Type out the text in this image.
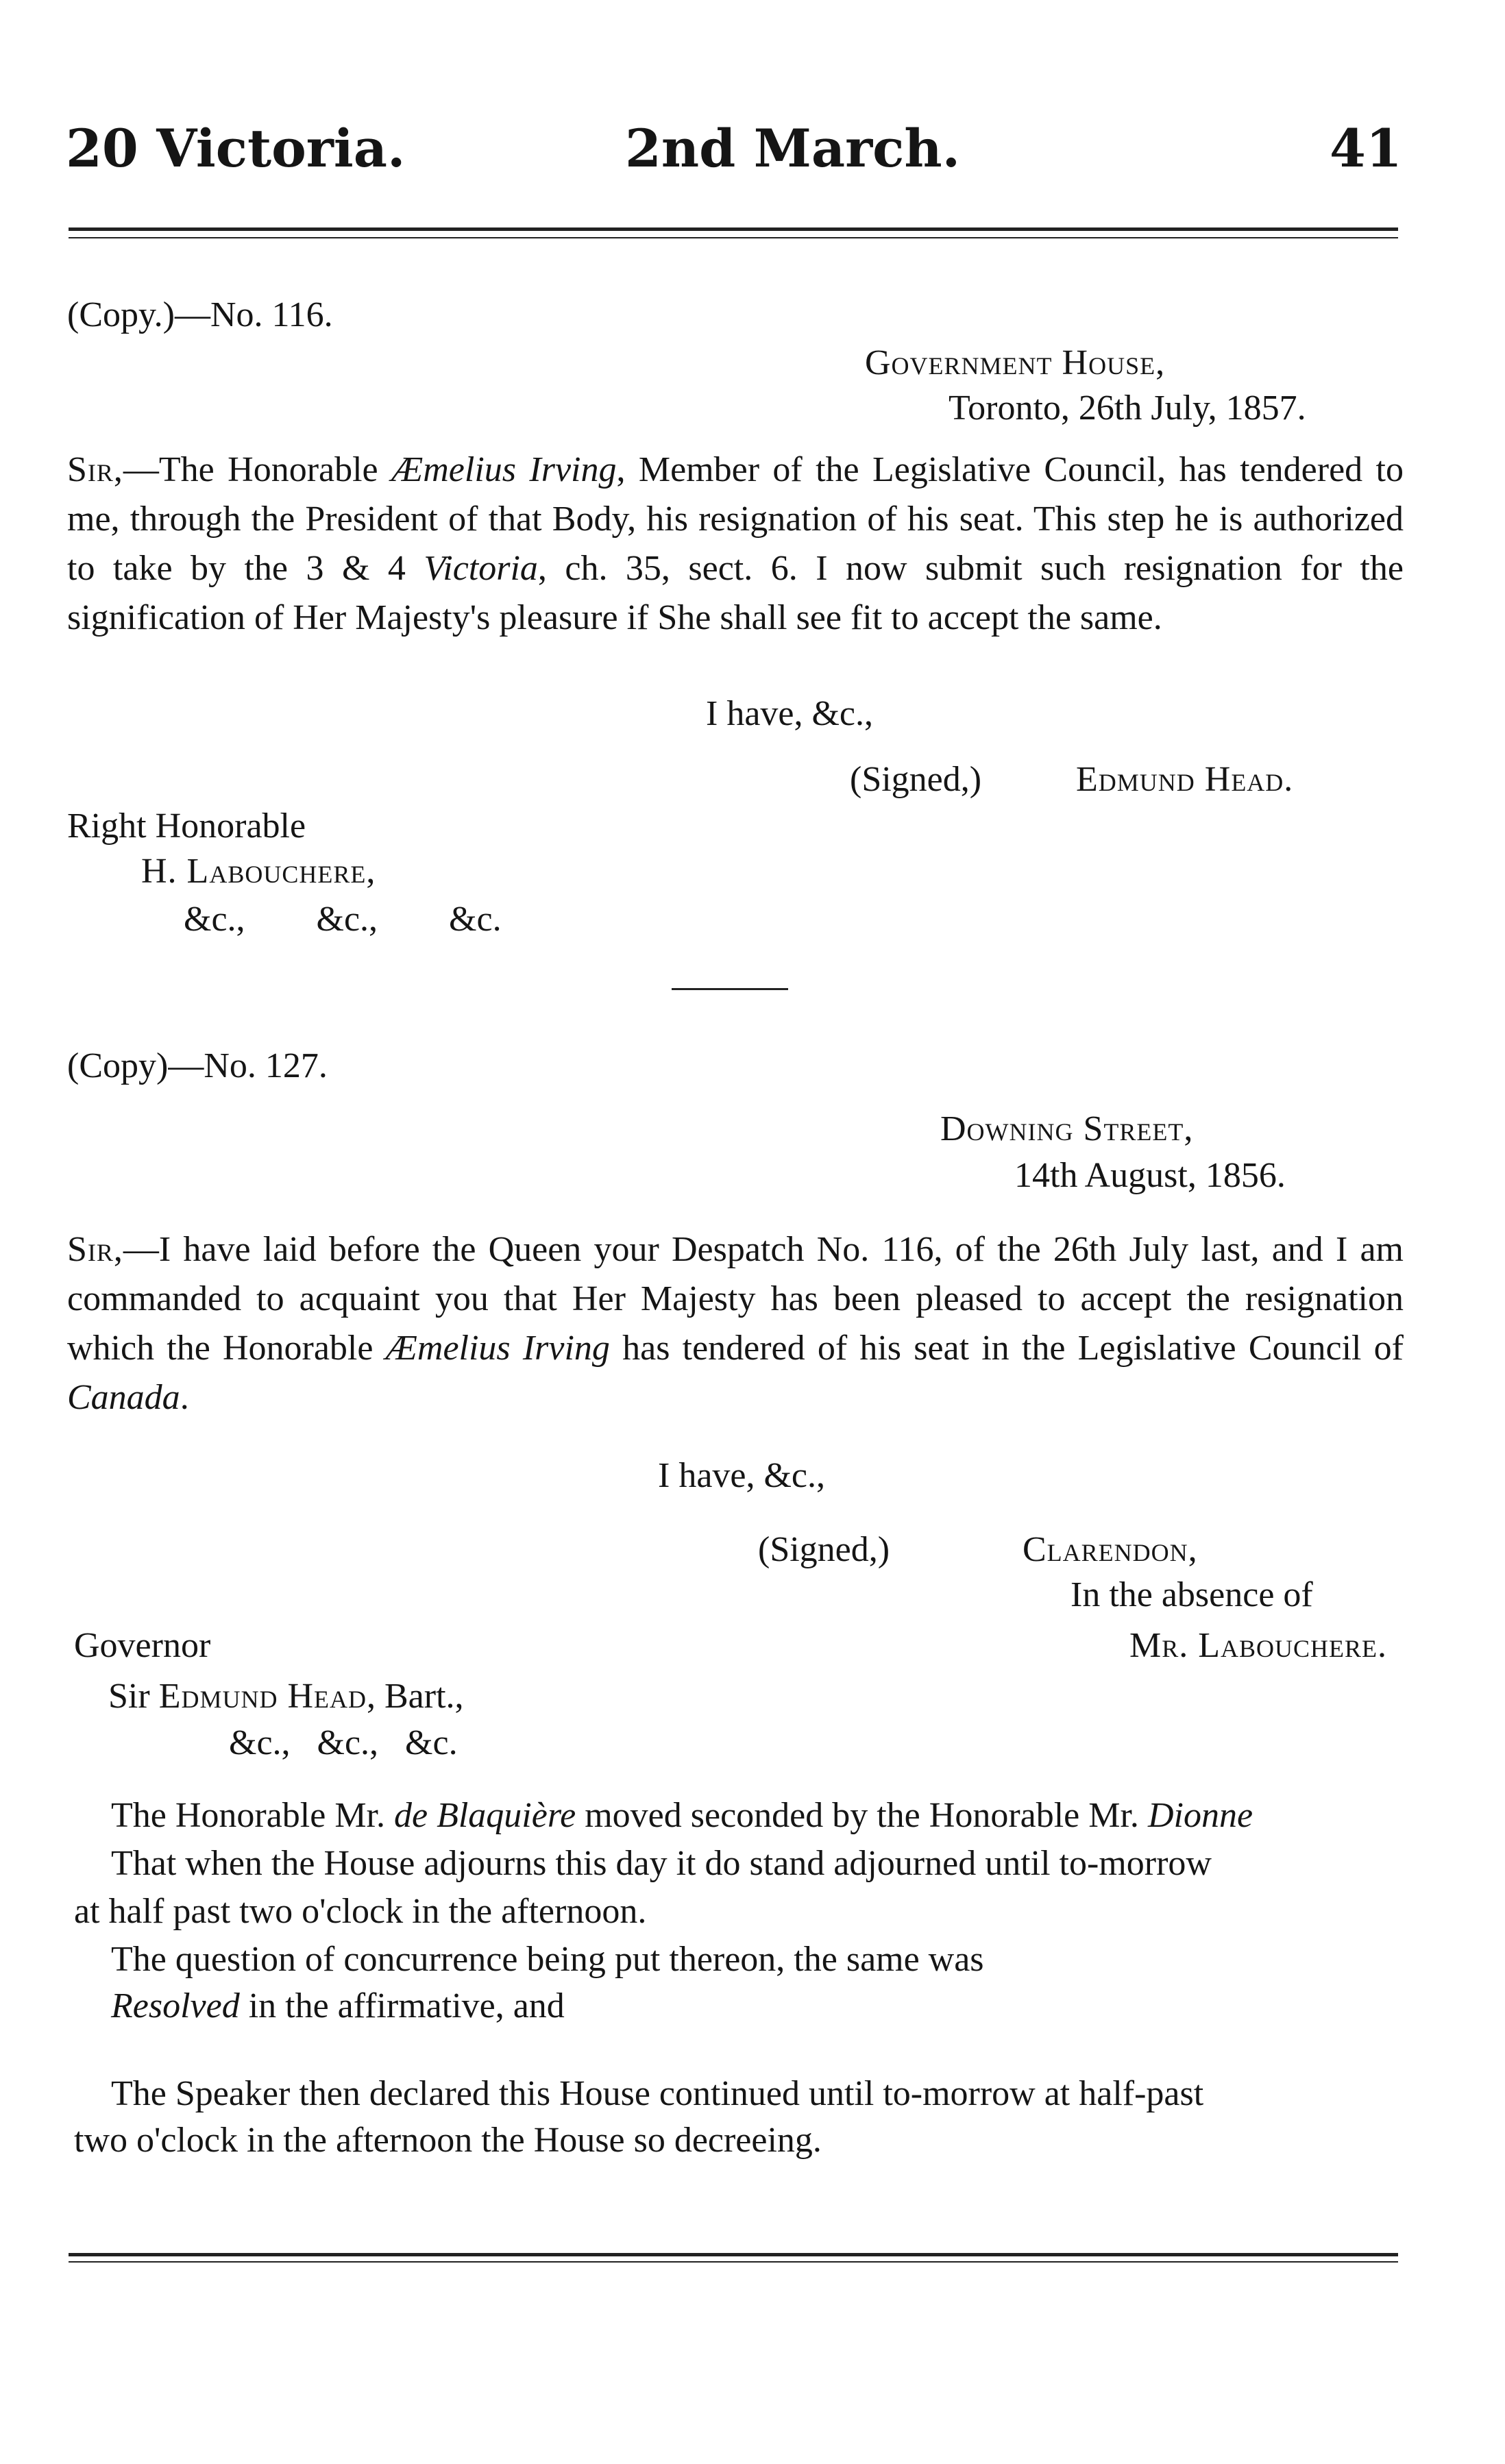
20 Victoria.	2nd March.	41
(Copy.)—No. 116.
Government House,
Toronto, 26th July, 1857.
Sir,—The Honorable Æmelius Irving, Member of the Legislative Council, has tendered to me, through the President of that Body, his resignation of his seat. This step he is authorized to take by the 3 & 4 Victoria, ch. 35, sect. 6. I now submit such resignation for the signification of Her Majesty's pleasure if She shall see fit to accept the same.
I have, &c.,
(Signed,)	Edmund Head.
Right Honorable
H. Labouchere,
&c.,        &c.,        &c.
(Copy)—No. 127.
Downing Street,
14th August, 1856.
Sir,—I have laid before the Queen your Despatch No. 116, of the 26th July last, and I am commanded to acquaint you that Her Majesty has been pleased to accept the resignation which the Honorable Æmelius Irving has tendered of his seat in the Legislative Council of Canada.
I have, &c.,
(Signed,)	Clarendon,
In the absence of
Mr. Labouchere.
Governor
Sir Edmund Head, Bart.,
&c.,   &c.,   &c.
The Honorable Mr. de Blaquière moved seconded by the Honorable Mr. Dionne
That when the House adjourns this day it do stand adjourned until to-morrow
at half past two o'clock in the afternoon.
The question of concurrence being put thereon, the same was
Resolved in the affirmative, and
The Speaker then declared this House continued until to-morrow at half-past
two o'clock in the afternoon the House so decreeing.
